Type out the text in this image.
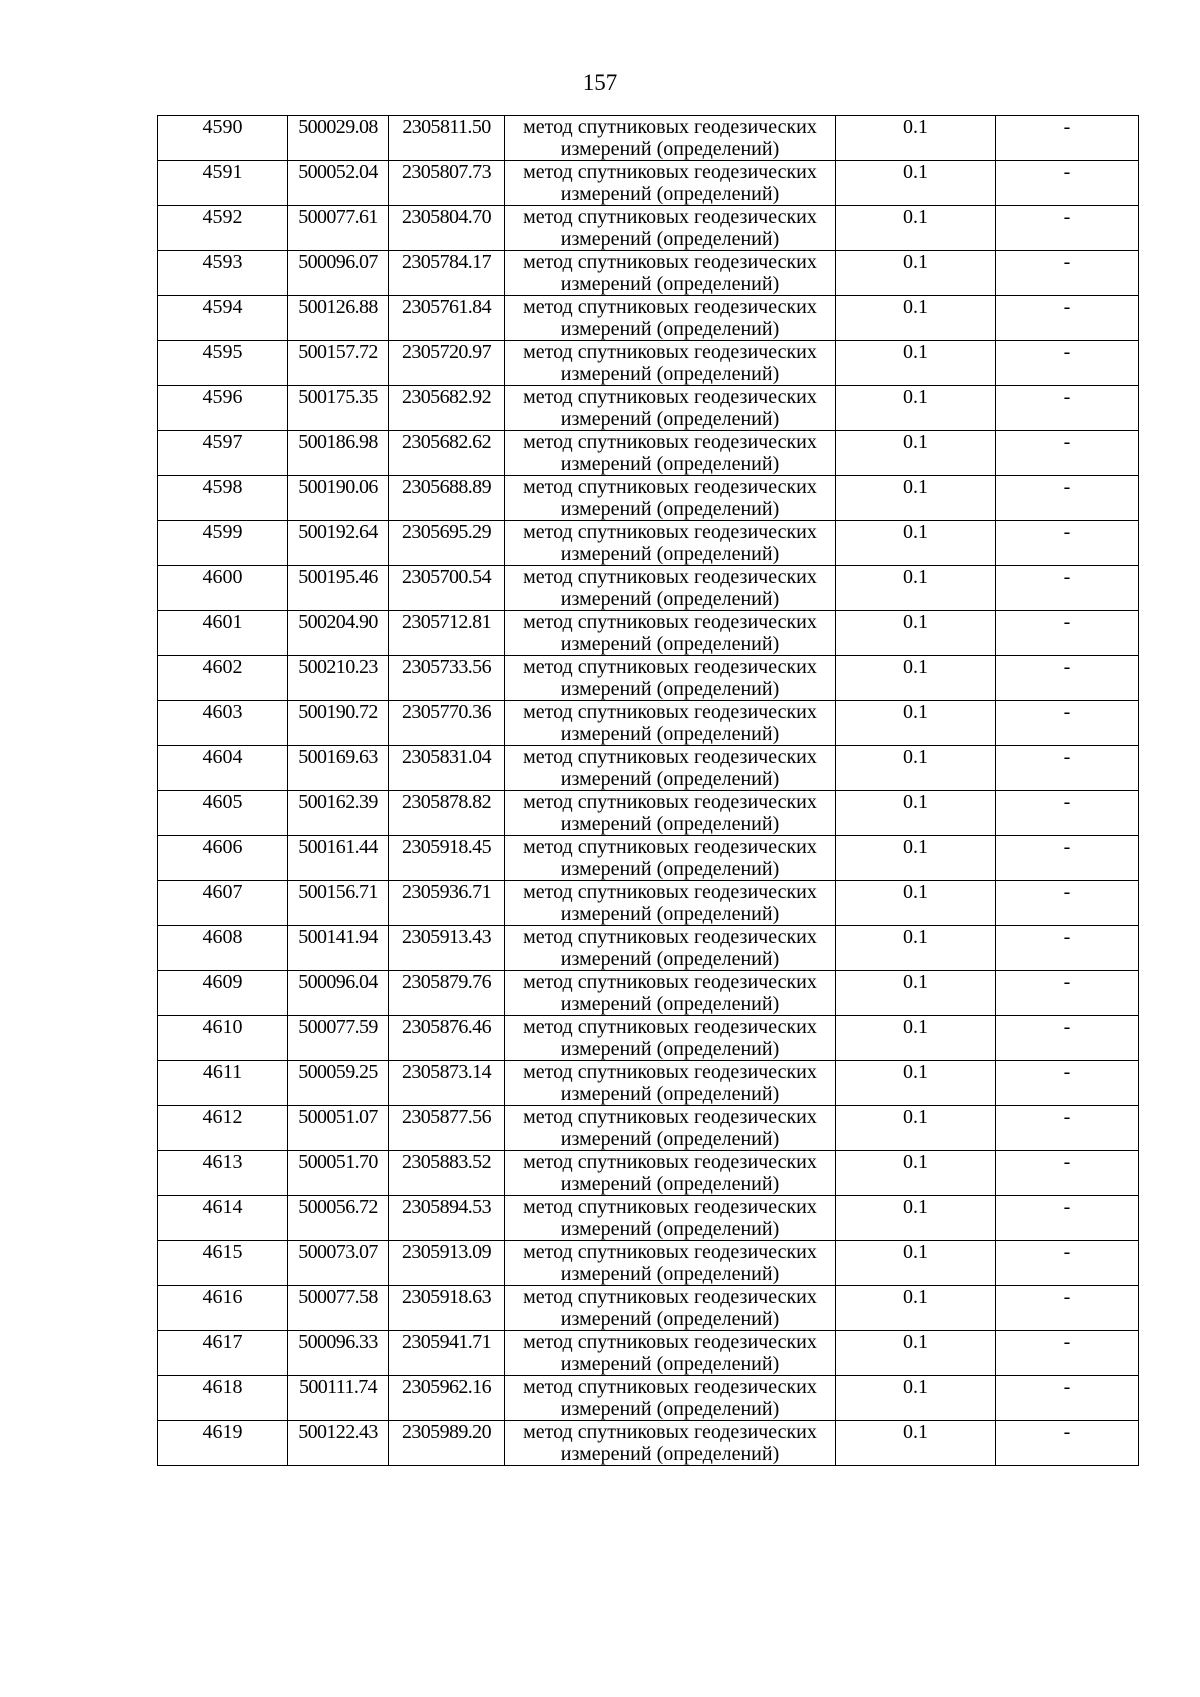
157
4590	500029.08	2305811.50	метод спутниковых геодезических измерений (определений)	0.1	-
4591	500052.04	2305807.73	метод спутниковых геодезических измерений (определений)	0.1	-
4592	500077.61	2305804.70	метод спутниковых геодезических измерений (определений)	0.1	-
4593	500096.07	2305784.17	метод спутниковых геодезических измерений (определений)	0.1	-
4594	500126.88	2305761.84	метод спутниковых геодезических измерений (определений)	0.1	-
4595	500157.72	2305720.97	метод спутниковых геодезических измерений (определений)	0.1	-
4596	500175.35	2305682.92	метод спутниковых геодезических измерений (определений)	0.1	-
4597	500186.98	2305682.62	метод спутниковых геодезических измерений (определений)	0.1	-
4598	500190.06	2305688.89	метод спутниковых геодезических измерений (определений)	0.1	-
4599	500192.64	2305695.29	метод спутниковых геодезических измерений (определений)	0.1	-
4600	500195.46	2305700.54	метод спутниковых геодезических измерений (определений)	0.1	-
4601	500204.90	2305712.81	метод спутниковых геодезических измерений (определений)	0.1	-
4602	500210.23	2305733.56	метод спутниковых геодезических измерений (определений)	0.1	-
4603	500190.72	2305770.36	метод спутниковых геодезических измерений (определений)	0.1	-
4604	500169.63	2305831.04	метод спутниковых геодезических измерений (определений)	0.1	-
4605	500162.39	2305878.82	метод спутниковых геодезических измерений (определений)	0.1	-
4606	500161.44	2305918.45	метод спутниковых геодезических измерений (определений)	0.1	-
4607	500156.71	2305936.71	метод спутниковых геодезических измерений (определений)	0.1	-
4608	500141.94	2305913.43	метод спутниковых геодезических измерений (определений)	0.1	-
4609	500096.04	2305879.76	метод спутниковых геодезических измерений (определений)	0.1	-
4610	500077.59	2305876.46	метод спутниковых геодезических измерений (определений)	0.1	-
4611	500059.25	2305873.14	метод спутниковых геодезических измерений (определений)	0.1	-
4612	500051.07	2305877.56	метод спутниковых геодезических измерений (определений)	0.1	-
4613	500051.70	2305883.52	метод спутниковых геодезических измерений (определений)	0.1	-
4614	500056.72	2305894.53	метод спутниковых геодезических измерений (определений)	0.1	-
4615	500073.07	2305913.09	метод спутниковых геодезических измерений (определений)	0.1	-
4616	500077.58	2305918.63	метод спутниковых геодезических измерений (определений)	0.1	-
4617	500096.33	2305941.71	метод спутниковых геодезических измерений (определений)	0.1	-
4618	500111.74	2305962.16	метод спутниковых геодезических измерений (определений)	0.1	-
4619	500122.43	2305989.20	метод спутниковых геодезических измерений (определений)	0.1	-
